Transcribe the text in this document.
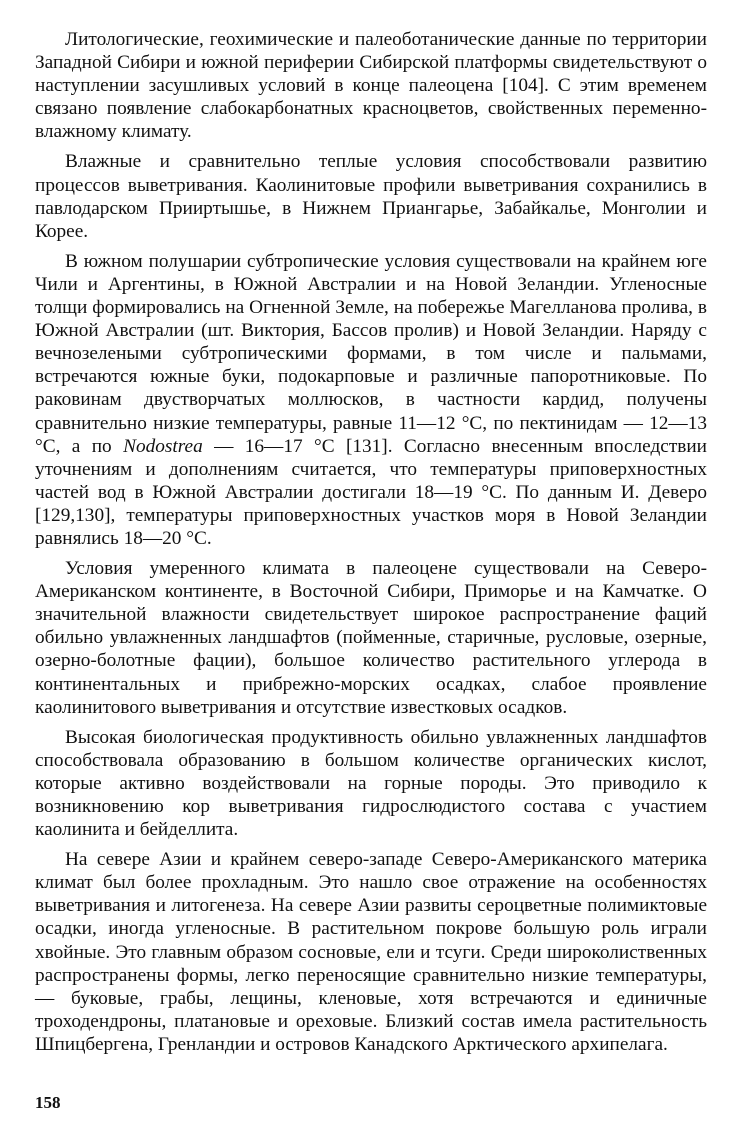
Литологические, геохимические и палеоботанические данные по территории Западной Сибири и южной периферии Сибирской платформы свидетельствуют о наступлении засушливых условий в конце палеоцена [104]. С этим временем связано появление слабокарбонатных красноцветов, свойственных переменно-влажному климату.

Влажные и сравнительно теплые условия способствовали развитию процессов выветривания. Каолинитовые профили выветривания сохранились в павлодарском Прииртышье, в Нижнем Приангарье, Забайкалье, Монголии и Корее.

В южном полушарии субтропические условия существовали на крайнем юге Чили и Аргентины, в Южной Австралии и на Новой Зеландии. Угленосные толщи формировались на Огненной Земле, на побережье Магелланова пролива, в Южной Австралии (шт. Виктория, Бассов пролив) и Новой Зеландии. Наряду с вечнозелеными субтропическими формами, в том числе и пальмами, встречаются южные буки, подокарповые и различные папоротниковые. По раковинам двустворчатых моллюсков, в частности кардид, получены сравнительно низкие температуры, равные 11—12 °С, по пектинидам — 12—13 °С, а по Nodostrea — 16—17 °С [131]. Согласно внесенным впоследствии уточнениям и дополнениям считается, что температуры приповерхностных частей вод в Южной Австралии достигали 18—19 °С. По данным И. Деверо [129,130], температуры приповерхностных участков моря в Новой Зеландии равнялись 18—20 °С.

Условия умеренного климата в палеоцене существовали на Северо-Американском континенте, в Восточной Сибири, Приморье и на Камчатке. О значительной влажности свидетельствует широкое распространение фаций обильно увлажненных ландшафтов (пойменные, старичные, русловые, озерные, озерно-болотные фации), большое количество растительного углерода в континентальных и прибрежно-морских осадках, слабое проявление каолинитового выветривания и отсутствие известковых осадков.

Высокая биологическая продуктивность обильно увлажненных ландшафтов способствовала образованию в большом количестве органических кислот, которые активно воздействовали на горные породы. Это приводило к возникновению кор выветривания гидрослюдистого состава с участием каолинита и бейделлита.

На севере Азии и крайнем северо-западе Северо-Американского материка климат был более прохладным. Это нашло свое отражение на особенностях выветривания и литогенеза. На севере Азии развиты сероцветные полимиктовые осадки, иногда угленосные. В растительном покрове большую роль играли хвойные. Это главным образом сосновые, ели и тсуги. Среди широколиственных распространены формы, легко переносящие сравнительно низкие температуры,— буковые, грабы, лещины, кленовые, хотя встречаются и единичные троходендроны, платановые и ореховые. Близкий состав имела растительность Шпицбергена, Гренландии и островов Канадского Арктического архипелага.

158
